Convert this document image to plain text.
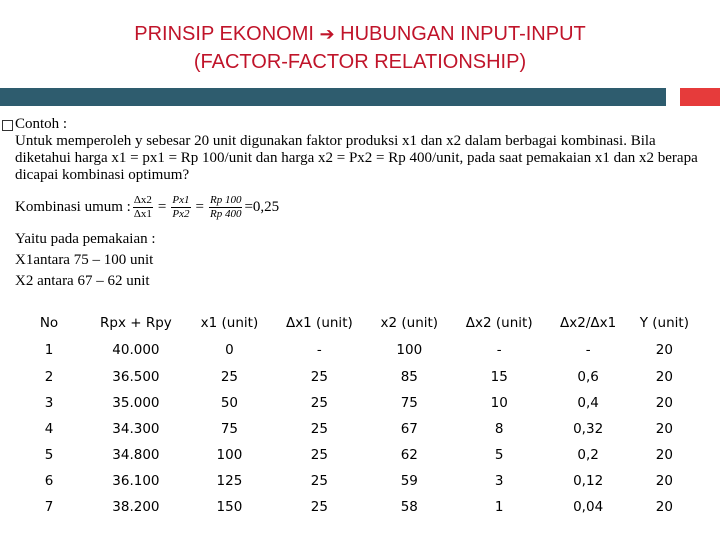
PRINSIP EKONOMI ➔ HUBUNGAN INPUT-INPUT
(FACTOR-FACTOR RELATIONSHIP)

Contoh :

Untuk memperoleh y sebesar 20 unit digunakan faktor produksi x1 dan x2 dalam berbagai kombinasi. Bila diketahui harga x1 = px1 = Rp 100/unit dan harga x2 = Px2 = Rp 400/unit, pada saat pemakaian x1 dan x2 berapa dicapai kombinasi optimum?

Kombinasi umum : $\frac{\Delta x2}{\Delta x1} = \frac{Px1}{Px2} = \frac{Rp 100}{Rp 400} =0,25$

Yaitu pada pemakaian :

X1antara 75 – 100 unit

X2 antara 67 – 62 unit

No	Rpx + Rpy	x1 (unit)	Δx1 (unit)	x2 (unit)	Δx2 (unit)	Δx2/Δx1	Y (unit)
1	40.000	0	-	100	-	-	20
2	36.500	25	25	85	15	0,6	20
3	35.000	50	25	75	10	0,4	20
4	34.300	75	25	67	8	0,32	20
5	34.800	100	25	62	5	0,2	20
6	36.100	125	25	59	3	0,12	20
7	38.200	150	25	58	1	0,04	20
